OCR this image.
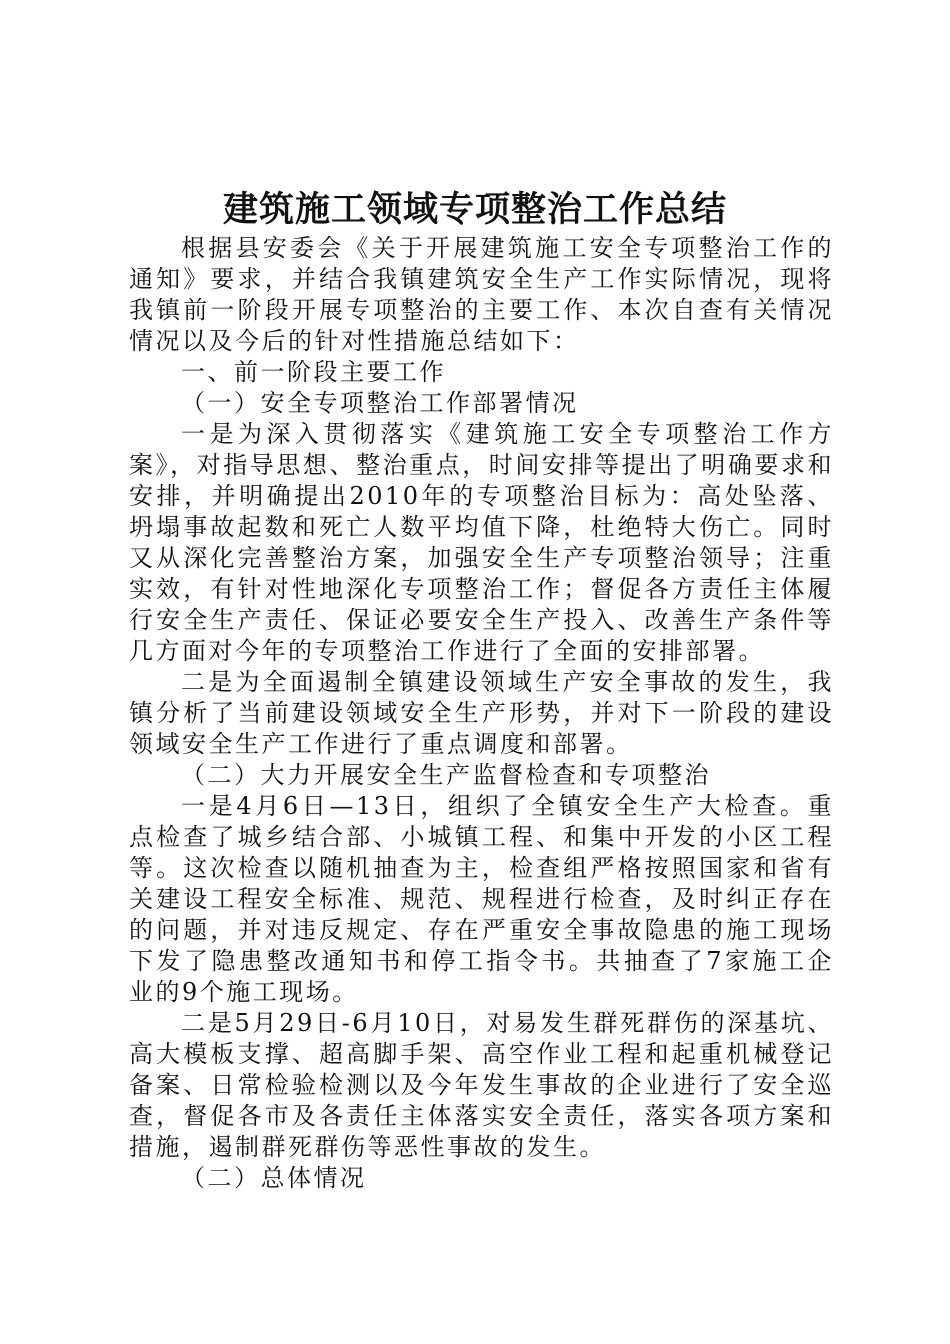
建筑施工领域专项整治工作总结

根据县安委会《关于开展建筑施工安全专项整治工作的通知》要求，并结合我镇建筑安全生产工作实际情况，现将我镇前一阶段开展专项整治的主要工作、本次自查有关情况情况以及今后的针对性措施总结如下：

一、前一阶段主要工作

（一）安全专项整治工作部署情况

一是为深入贯彻落实《建筑施工安全专项整治工作方案》，对指导思想、整治重点，时间安排等提出了明确要求和安排，并明确提出2010年的专项整治目标为：高处坠落、坍塌事故起数和死亡人数平均值下降，杜绝特大伤亡。同时又从深化完善整治方案，加强安全生产专项整治领导；注重实效，有针对性地深化专项整治工作；督促各方责任主体履行安全生产责任、保证必要安全生产投入、改善生产条件等几方面对今年的专项整治工作进行了全面的安排部署。

二是为全面遏制全镇建设领域生产安全事故的发生，我镇分析了当前建设领域安全生产形势，并对下一阶段的建设领域安全生产工作进行了重点调度和部署。

（二）大力开展安全生产监督检查和专项整治

一是4月6日—13日，组织了全镇安全生产大检查。重点检查了城乡结合部、小城镇工程、和集中开发的小区工程等。这次检查以随机抽查为主，检查组严格按照国家和省有关建设工程安全标准、规范、规程进行检查，及时纠正存在的问题，并对违反规定、存在严重安全事故隐患的施工现场下发了隐患整改通知书和停工指令书。共抽查了7家施工企业的9个施工现场。

二是5月29日-6月10日，对易发生群死群伤的深基坑、高大模板支撑、超高脚手架、高空作业工程和起重机械登记备案、日常检验检测以及今年发生事故的企业进行了安全巡查，督促各市及各责任主体落实安全责任，落实各项方案和措施，遏制群死群伤等恶性事故的发生。

（二）总体情况
